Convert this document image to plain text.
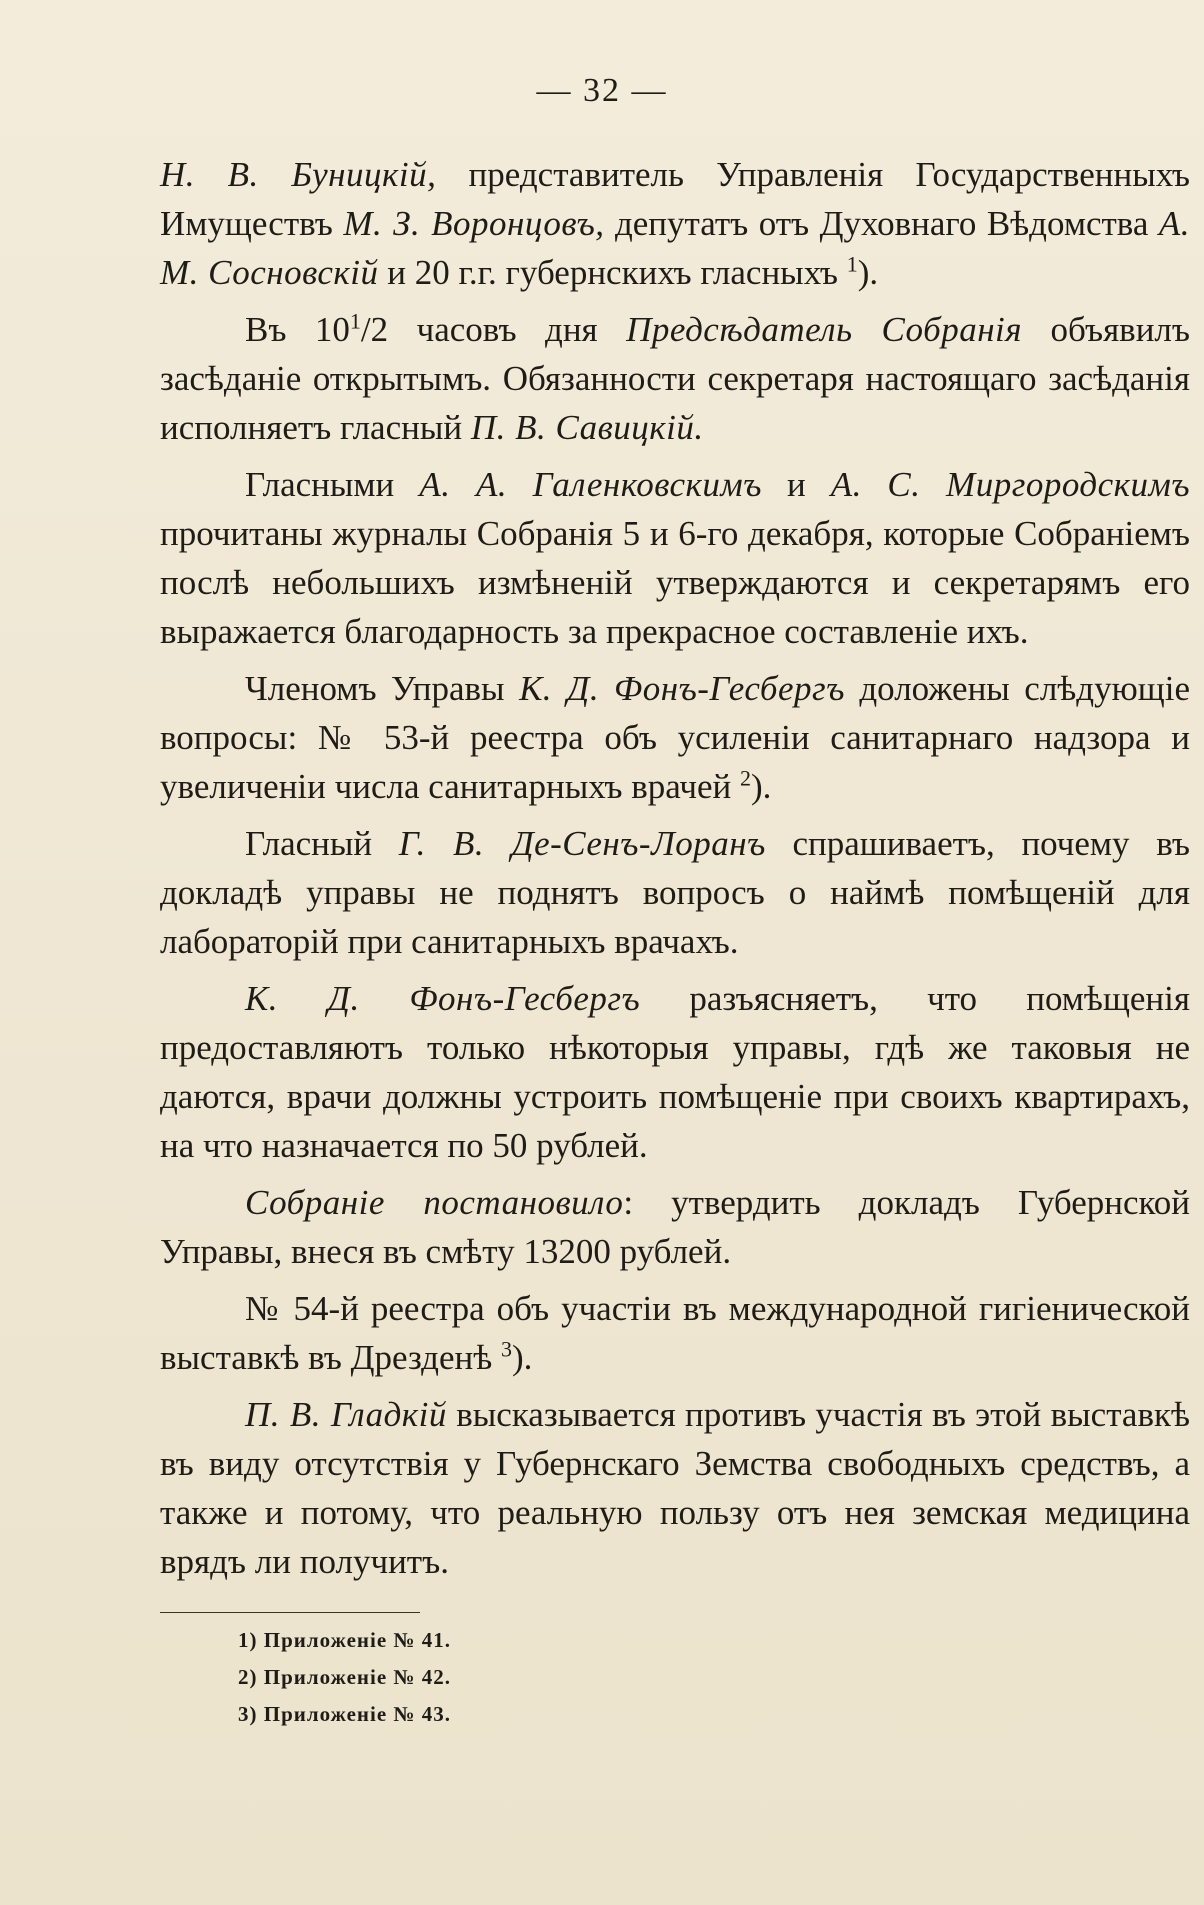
— 32 —

Н. В. Буницкій, представитель Управленія Государственныхъ Имуществъ М. З. Воронцовъ, депутатъ отъ Духовнаго Вѣдомства А. М. Сосновскій и 20 г.г. губернскихъ гласныхъ $^1$).

Въ $10^1/2$ часовъ дня Предсѣдатель Собранія объявилъ засѣданіе открытымъ. Обязанности секретаря настоящаго засѣданія исполняетъ гласный П. В. Савицкій.

Гласными А. А. Галенковскимъ и А. С. Миргородскимъ прочитаны журналы Собранія 5 и 6-го декабря, которые Собраніемъ послѣ небольшихъ измѣненій утверждаются и секретарямъ его выражается благодарность за прекрасное составленіе ихъ.

Членомъ Управы К. Д. Фонъ-Гесбергъ доложены слѣдующіе вопросы: № 53-й реестра объ усиленіи санитарнаго надзора и увеличеніи числа санитарныхъ врачей $^2$).

Гласный Г. В. Де-Сенъ-Лоранъ спрашиваетъ, почему въ докладѣ управы не поднятъ вопросъ о наймѣ помѣщеній для лабораторій при санитарныхъ врачахъ.

К. Д. Фонъ-Гесбергъ разъясняетъ, что помѣщенія предоставляютъ только нѣкоторыя управы, гдѣ же таковыя не даются, врачи должны устроить помѣщеніе при своихъ квартирахъ, на что назначается по 50 рублей.

Собраніе постановило: утвердить докладъ Губернской Управы, внеся въ смѣту 13200 рублей.

№ 54-й реестра объ участіи въ международной гигіенической выставкѣ въ Дрезденѣ $^3$).

П. В. Гладкій высказывается противъ участія въ этой выставкѣ въ виду отсутствія у Губернскаго Земства свободныхъ средствъ, а также и потому, что реальную пользу отъ нея земская медицина врядъ ли получитъ.

1) Приложеніе № 41.
2) Приложеніе № 42.
3) Приложеніе № 43.
